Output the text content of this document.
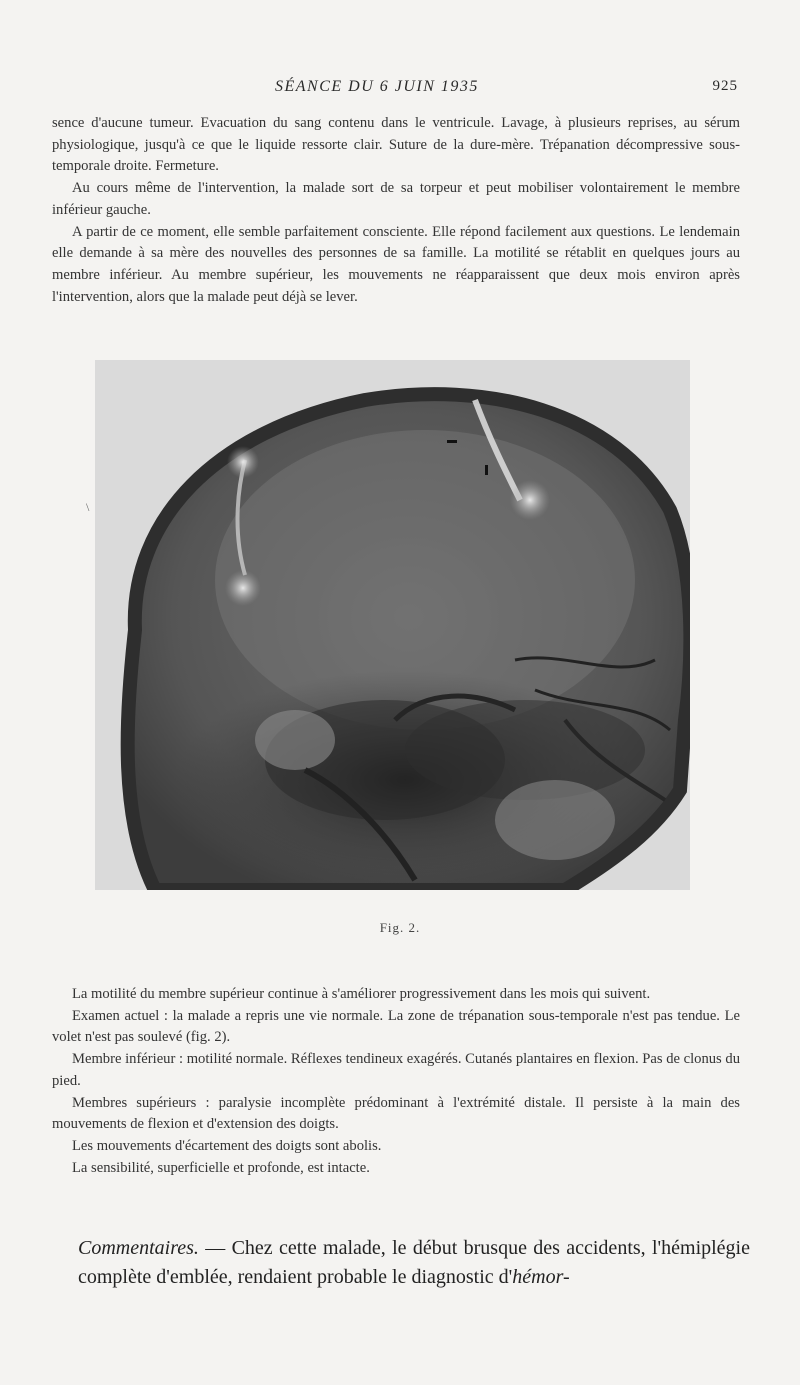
SÉANCE DU 6 JUIN 1935	925

sence d'aucune tumeur. Evacuation du sang contenu dans le ventricule. Lavage, à plusieurs reprises, au sérum physiologique, jusqu'à ce que le liquide ressorte clair. Suture de la dure-mère. Trépanation décompressive sous-temporale droite. Fermeture.

Au cours même de l'intervention, la malade sort de sa torpeur et peut mobiliser volontairement le membre inférieur gauche.

A partir de ce moment, elle semble parfaitement consciente. Elle répond facilement aux questions. Le lendemain elle demande à sa mère des nouvelles des personnes de sa famille. La motilité se rétablit en quelques jours au membre inférieur. Au membre supérieur, les mouvements ne réapparaissent que deux mois environ après l'intervention, alors que la malade peut déjà se lever.

\
Fig. 2.

La motilité du membre supérieur continue à s'améliorer progressivement dans les mois qui suivent.

Examen actuel : la malade a repris une vie normale. La zone de trépanation sous-temporale n'est pas tendue. Le volet n'est pas soulevé (fig. 2).

Membre inférieur : motilité normale. Réflexes tendineux exagérés. Cutanés plantaires en flexion. Pas de clonus du pied.

Membres supérieurs : paralysie incomplète prédominant à l'extrémité distale. Il persiste à la main des mouvements de flexion et d'extension des doigts.

Les mouvements d'écartement des doigts sont abolis.

La sensibilité, superficielle et profonde, est intacte.

Commentaires. — Chez cette malade, le début brusque des accidents, l'hémiplégie complète d'emblée, rendaient probable le diagnostic d'hémor-
